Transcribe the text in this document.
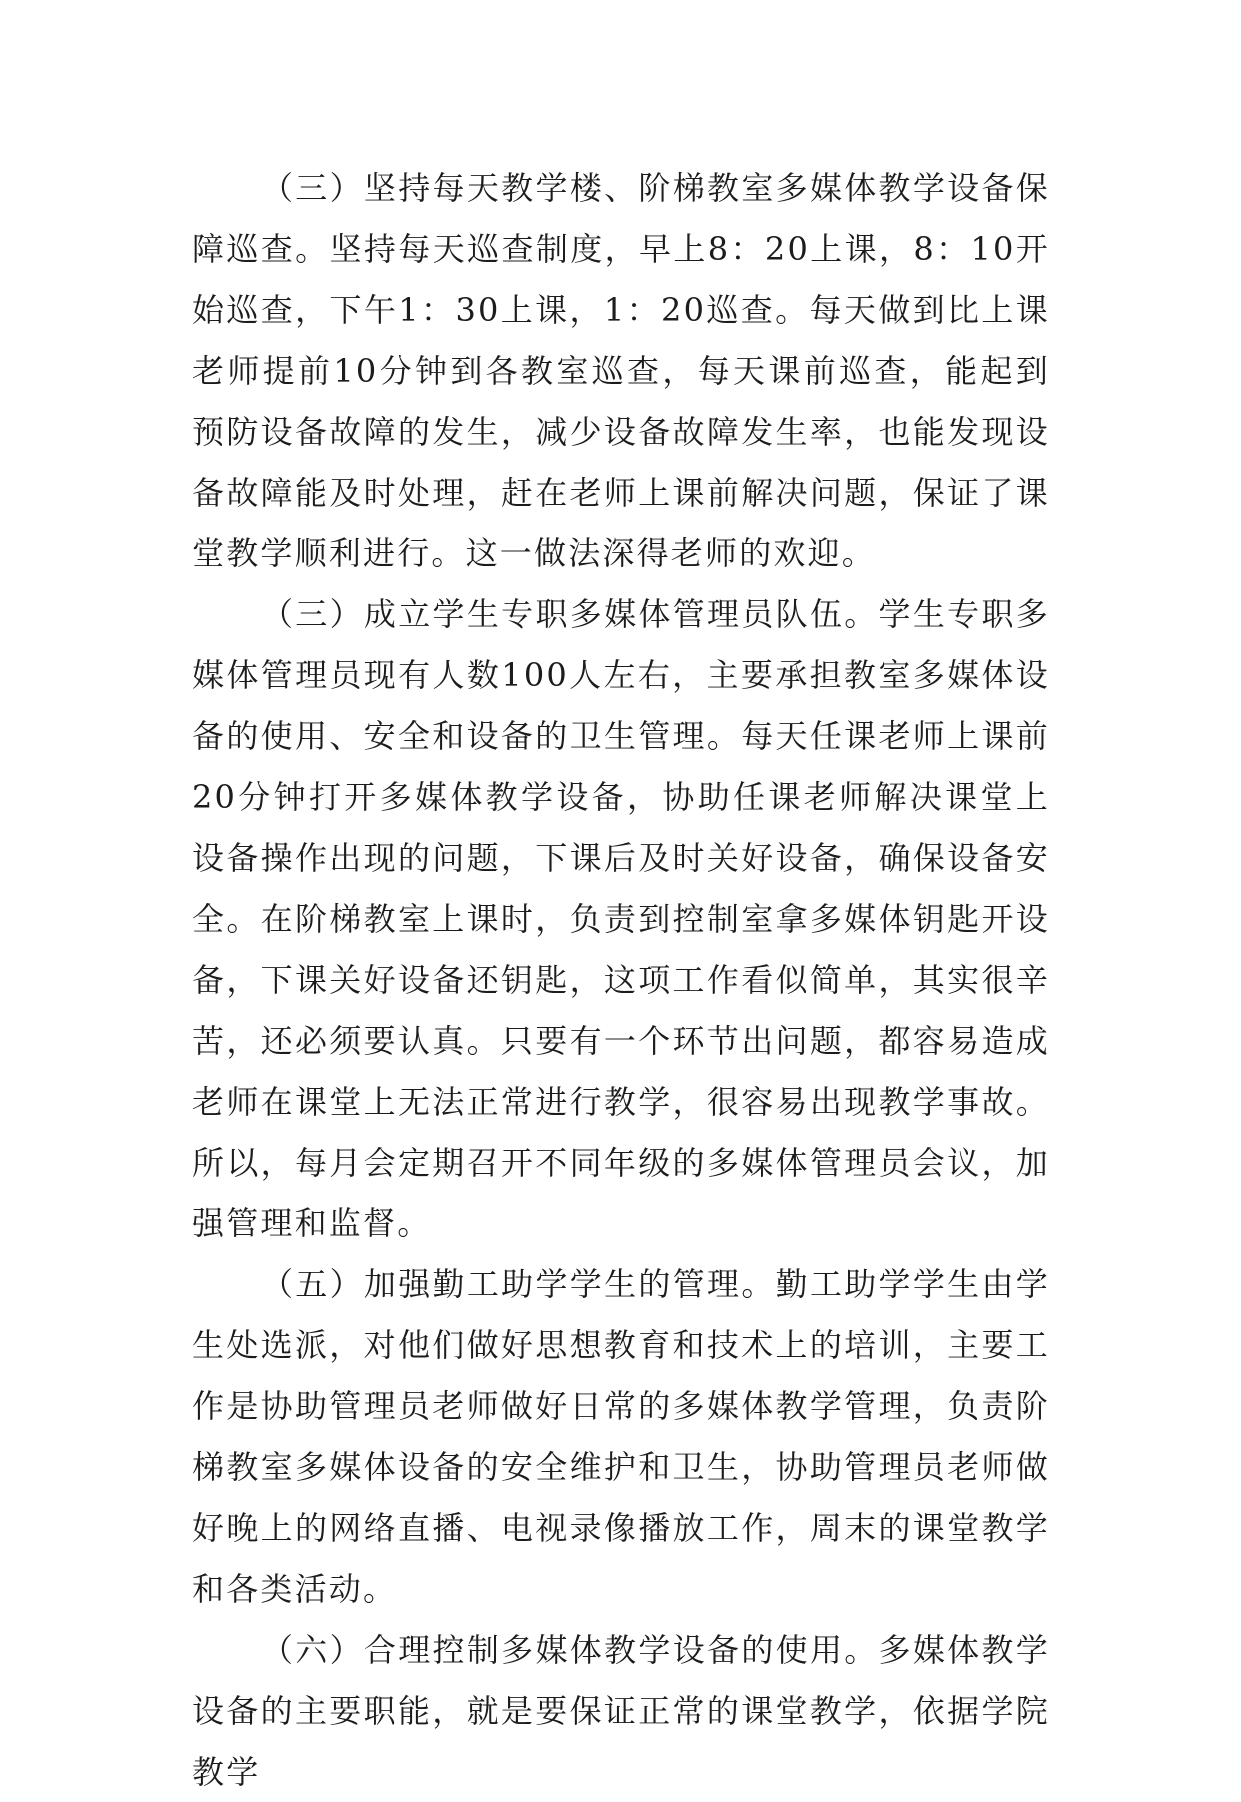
（三）坚持每天教学楼、阶梯教室多媒体教学设备保障巡查。坚持每天巡查制度，早上8：20上课，8：10开始巡查，下午1：30上课，1：20巡查。每天做到比上课老师提前10分钟到各教室巡查，每天课前巡查，能起到预防设备故障的发生，减少设备故障发生率，也能发现设备故障能及时处理，赶在老师上课前解决问题，保证了课堂教学顺利进行。这一做法深得老师的欢迎。

（三）成立学生专职多媒体管理员队伍。学生专职多媒体管理员现有人数100人左右，主要承担教室多媒体设备的使用、安全和设备的卫生管理。每天任课老师上课前20分钟打开多媒体教学设备，协助任课老师解决课堂上设备操作出现的问题，下课后及时关好设备，确保设备安全。在阶梯教室上课时，负责到控制室拿多媒体钥匙开设备，下课关好设备还钥匙，这项工作看似简单，其实很辛苦，还必须要认真。只要有一个环节出问题，都容易造成老师在课堂上无法正常进行教学，很容易出现教学事故。所以，每月会定期召开不同年级的多媒体管理员会议，加强管理和监督。

（五）加强勤工助学学生的管理。勤工助学学生由学生处选派，对他们做好思想教育和技术上的培训，主要工作是协助管理员老师做好日常的多媒体教学管理，负责阶梯教室多媒体设备的安全维护和卫生，协助管理员老师做好晚上的网络直播、电视录像播放工作，周末的课堂教学和各类活动。

（六）合理控制多媒体教学设备的使用。多媒体教学设备的主要职能，就是要保证正常的课堂教学，依据学院教学
